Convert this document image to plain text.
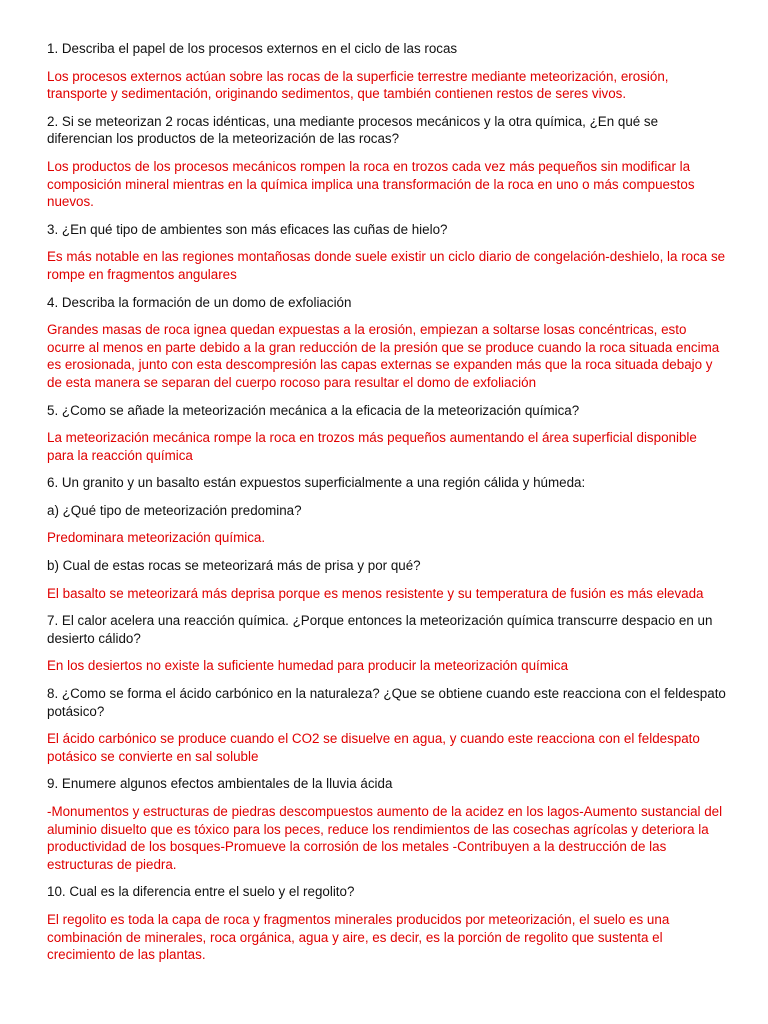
1. Describa el papel de los procesos externos en el ciclo de las rocas

Los procesos externos actúan sobre las rocas de la superficie terrestre mediante meteorización, erosión, transporte y sedimentación, originando sedimentos, que también contienen restos de seres vivos.

2. Si se meteorizan 2 rocas idénticas, una mediante procesos mecánicos y la otra química, ¿En qué se diferencian los productos de la meteorización de las rocas?

Los productos de los procesos mecánicos rompen la roca en trozos cada vez más pequeños sin modificar la composición mineral mientras en la química implica una transformación de la roca en uno o más compuestos nuevos.

3. ¿En qué tipo de ambientes son más eficaces las cuñas de hielo?

Es más notable en las regiones montañosas donde suele existir un ciclo diario de congelación-deshielo, la roca se rompe en fragmentos angulares

4. Describa la formación de un domo de exfoliación

Grandes masas de roca ignea quedan expuestas a la erosión, empiezan a soltarse losas concéntricas, esto ocurre al menos en parte debido a la gran reducción de la presión que se produce cuando la roca situada encima es erosionada, junto con esta descompresión las capas externas se expanden más que la roca situada debajo y de esta manera se separan del cuerpo rocoso para resultar el domo de exfoliación

5. ¿Como se añade la meteorización mecánica a la eficacia de la meteorización química?

La meteorización mecánica rompe la roca en trozos más pequeños aumentando el área superficial disponible para la reacción química

6. Un granito y un basalto están expuestos superficialmente a una región cálida y húmeda:

a) ¿Qué tipo de meteorización predomina?

Predominara meteorización química.

b) Cual de estas rocas se meteorizará más de prisa y por qué?

El basalto se meteorizará más deprisa porque es menos resistente y su temperatura de fusión es más elevada

7. El calor acelera una reacción química. ¿Porque entonces la meteorización química transcurre despacio en un desierto cálido?

En los desiertos no existe la suficiente humedad para producir la meteorización química

8. ¿Como se forma el ácido carbónico en la naturaleza? ¿Que se obtiene cuando este reacciona con el feldespato potásico?

El ácido carbónico se produce cuando el CO2 se disuelve en agua, y cuando este reacciona con el feldespato potásico se convierte en sal soluble

9. Enumere algunos efectos ambientales de la lluvia ácida

-Monumentos y estructuras de piedras descompuestos aumento de la acidez en los lagos-Aumento sustancial del aluminio disuelto que es tóxico para los peces, reduce los rendimientos de las cosechas agrícolas y deteriora la productividad de los bosques-Promueve la corrosión de los metales -Contribuyen a la destrucción de las estructuras de piedra.

10. Cual es la diferencia entre el suelo y el regolito?

El regolito es toda la capa de roca y fragmentos minerales producidos por meteorización, el suelo es una combinación de minerales, roca orgánica, agua y aire, es decir, es la porción de regolito que sustenta el crecimiento de las plantas.
